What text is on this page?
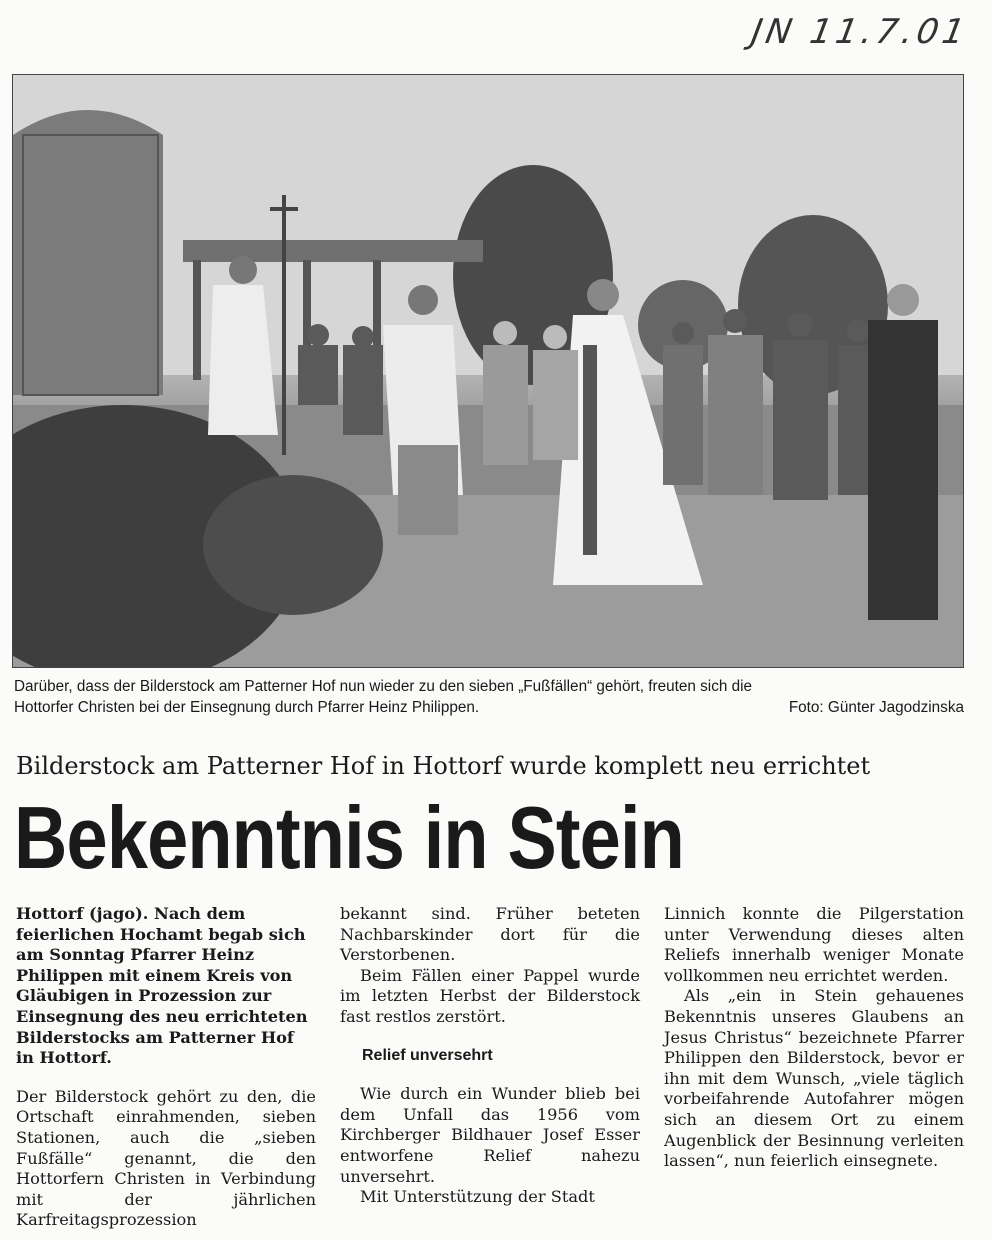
JN 11.7.01
Darüber, dass der Bilderstock am Patterner Hof nun wieder zu den sieben „Fußfällen“ gehört, freuten sich die
Hottorfer Christen bei der Einsegnung durch Pfarrer Heinz Philippen.	Foto: Günter Jagodzinska
Bilderstock am Patterner Hof in Hottorf wurde komplett neu errichtet
Bekenntnis in Stein

Hottorf (jago). Nach dem feierlichen Hochamt begab sich am Sonntag Pfarrer Heinz Philippen mit einem Kreis von Gläubigen in Prozession zur Einsegnung des neu errichteten Bilderstocks am Patterner Hof in Hottorf.

Der Bilderstock gehört zu den, die Ortschaft einrahmenden, sieben Stationen, auch die „sieben Fußfälle“ genannt, die den Hottorfern Christen in Verbindung mit der jährlichen Karfreitagsprozession

bekannt sind. Früher beteten Nachbarskinder dort für die Verstorbenen.

Beim Fällen einer Pappel wurde im letzten Herbst der Bilderstock fast restlos zerstört.

Relief unversehrt

Wie durch ein Wunder blieb bei dem Unfall das 1956 vom Kirchberger Bildhauer Josef Esser entworfene Relief nahezu unversehrt.

Mit Unterstützung der Stadt

Linnich konnte die Pilgerstation unter Verwendung dieses alten Reliefs innerhalb weniger Monate vollkommen neu errichtet werden.

Als „ein in Stein gehauenes Bekenntnis unseres Glaubens an Jesus Christus“ bezeichnete Pfarrer Philippen den Bilderstock, bevor er ihn mit dem Wunsch, „viele täglich vorbeifahrende Autofahrer mögen sich an diesem Ort zu einem Augenblick der Besinnung verleiten lassen“, nun feierlich einsegnete.
